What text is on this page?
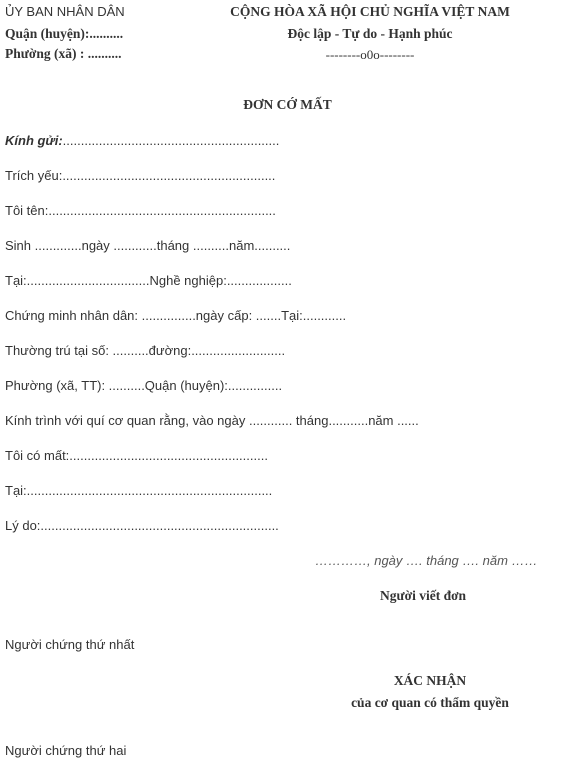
ỦY BAN NHÂN DÂN
Quận (huyện):..........
Phường (xã) : ..........
CỘNG HÒA XÃ HỘI CHỦ NGHĨA VIỆT NAM
Độc lập - Tự do - Hạnh phúc
--------o0o--------
ĐƠN CỚ MẤT
Kính gửi:............................................................
Trích yếu:...........................................................
Tôi tên:...............................................................
Sinh .............ngày ............tháng ..........năm..........
Tại:..................................Nghề nghiệp:..................
Chứng minh nhân dân: ...............ngày cấp: .......Tại:............
Thường trú tại số: ..........đường:..........................
Phường (xã, TT): ..........Quận (huyện):...............
Kính trình với quí cơ quan rằng, vào ngày ............ tháng...........năm ......
Tôi có mất:.......................................................
Tại:....................................................................
Lý do:..................................................................
…………, ngày …. tháng …. năm ……
Người viết đơn
Người chứng thứ nhất
XÁC NHẬN
của cơ quan có thẩm quyền
Người chứng thứ hai
